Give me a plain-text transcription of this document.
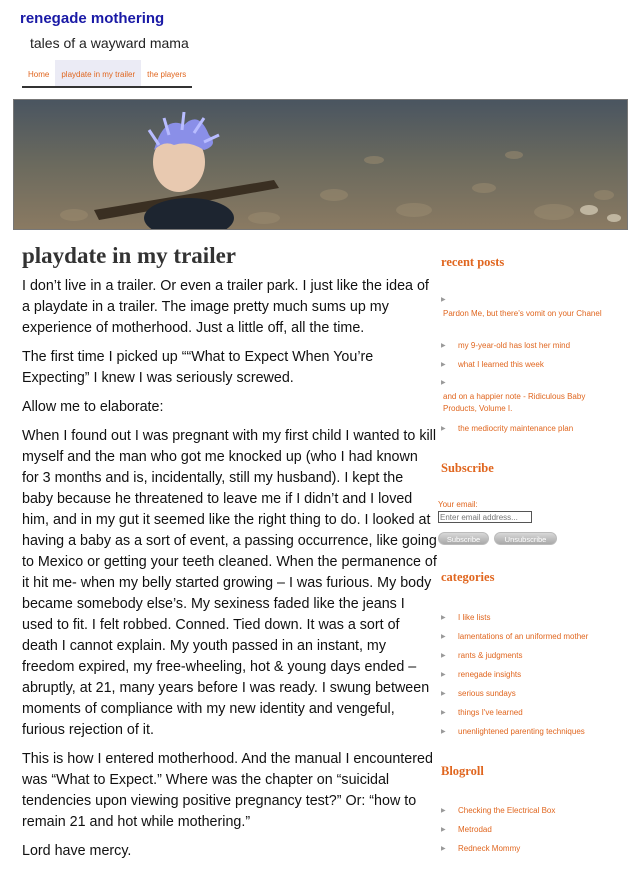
renegade mothering
tales of a wayward mama
Home	playdate in my trailer	the players
playdate in my trailer

I don’t live in a trailer. Or even a trailer park. I just like the idea of a playdate in a trailer. The image pretty much sums up my experience of motherhood. Just a little off, all the time.

The first time I picked up ““What to Expect When You’re Expecting” I knew I was seriously screwed.

Allow me to elaborate:

When I found out I was pregnant with my first child I wanted to kill myself and the man who got me knocked up (who I had known for 3 months and is, incidentally, still my husband). I kept the baby because he threatened to leave me if I didn’t and I loved him, and in my gut it seemed like the right thing to do. I looked at having a baby as a sort of event, a passing occurrence, like going to Mexico or getting your teeth cleaned. When the permanence of it hit me- when my belly started growing – I was furious. My body became somebody else’s. My sexiness faded like the jeans I used to fit. I felt robbed. Conned. Tied down. It was a sort of death I cannot explain. My youth passed in an instant, my freedom expired, my free-wheeling, hot & young days ended – abruptly, at 21, many years before I was ready. I swung between moments of compliance with my new identity and vengeful, furious rejection of it.

This is how I entered motherhood. And the manual I encountered was “What to Expect.” Where was the chapter on “suicidal tendencies upon viewing positive pregnancy test?” Or: “how to remain 21 and hot while mothering.”

Lord have mercy.

recent posts
▶
Pardon Me, but there’s vomit on your Chanel
▶	my 9-year-old has lost her mind
▶	what I learned this week
▶
and on a happier note - Ridiculous Baby Products, Volume I.
▶	the mediocrity maintenance plan
Subscribe
Your email:
Enter email address...
Subscribe	Unsubscribe
categories
▶	I like lists
▶	lamentations of an uniformed mother
▶	rants & judgments
▶	renegade insights
▶	serious sundays
▶	things I've learned
▶	unenlightened parenting techniques
Blogroll
▶	Checking the Electrical Box
▶	Metrodad
▶	Redneck Mommy
